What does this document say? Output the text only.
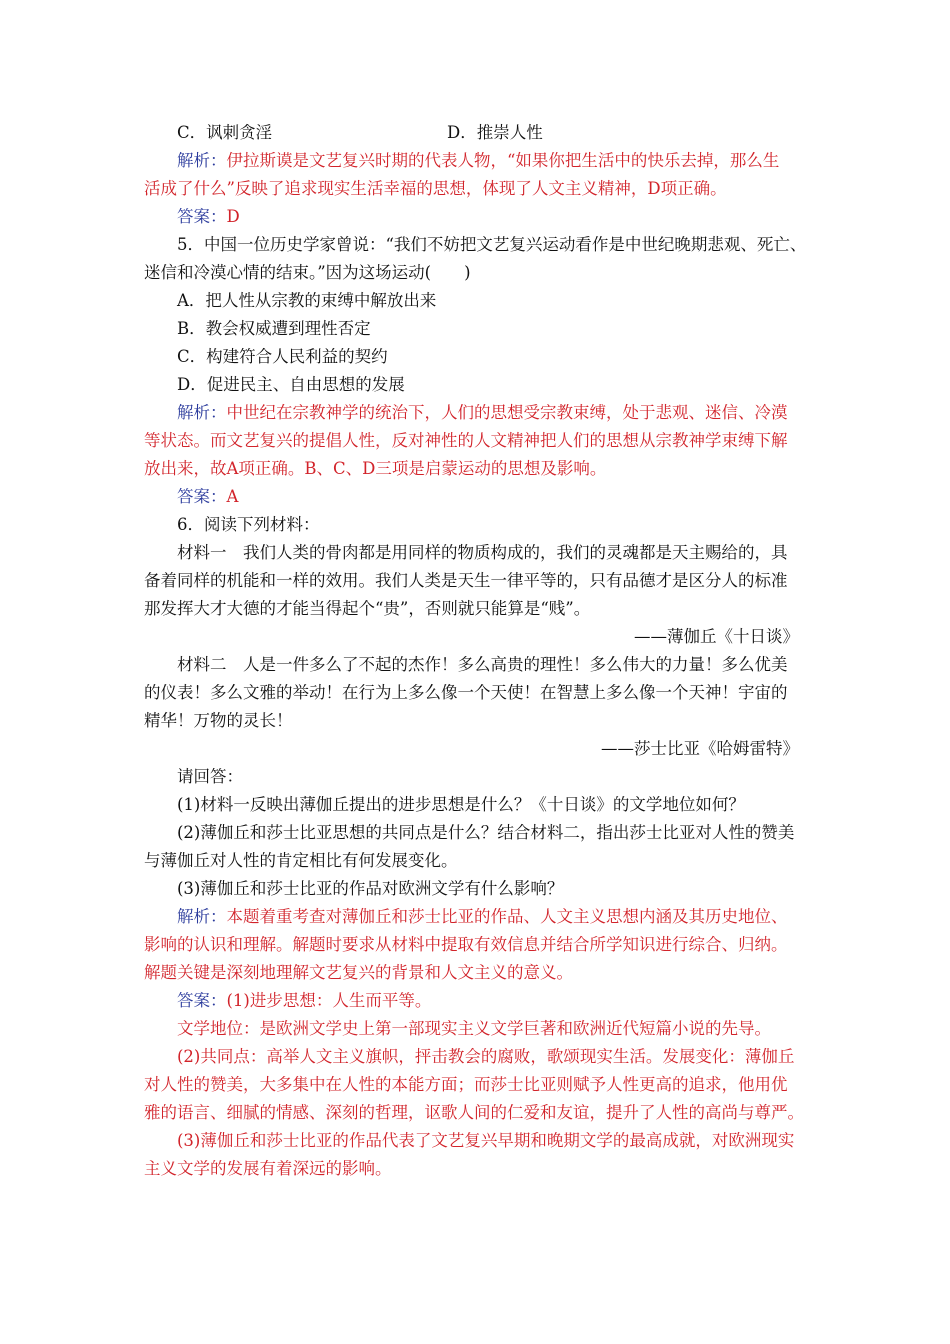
C．讽刺贪淫	D．推崇人性
解析：伊拉斯谟是文艺复兴时期的代表人物，“如果你把生活中的快乐去掉，那么生
活成了什么”反映了追求现实生活幸福的思想，体现了人文主义精神，D项正确。
答案：D
5．中国一位历史学家曾说：“我们不妨把文艺复兴运动看作是中世纪晚期悲观、死亡、
迷信和冷漠心情的结束。”因为这场运动(　　)
A．把人性从宗教的束缚中解放出来
B．教会权威遭到理性否定
C．构建符合人民利益的契约
D．促进民主、自由思想的发展
解析：中世纪在宗教神学的统治下，人们的思想受宗教束缚，处于悲观、迷信、冷漠
等状态。而文艺复兴的提倡人性，反对神性的人文精神把人们的思想从宗教神学束缚下解
放出来，故A项正确。B、C、D三项是启蒙运动的思想及影响。
答案：A
6．阅读下列材料：
材料一　我们人类的骨肉都是用同样的物质构成的，我们的灵魂都是天主赐给的，具
备着同样的机能和一样的效用。我们人类是天生一律平等的，只有品德才是区分人的标准
那发挥大才大德的才能当得起个“贵”，否则就只能算是“贱”。
——薄伽丘《十日谈》
材料二　人是一件多么了不起的杰作！多么高贵的理性！多么伟大的力量！多么优美
的仪表！多么文雅的举动！在行为上多么像一个天使！在智慧上多么像一个天神！宇宙的
精华！万物的灵长！
——莎士比亚《哈姆雷特》
请回答：
(1)材料一反映出薄伽丘提出的进步思想是什么？《十日谈》的文学地位如何？
(2)薄伽丘和莎士比亚思想的共同点是什么？结合材料二，指出莎士比亚对人性的赞美
与薄伽丘对人性的肯定相比有何发展变化。
(3)薄伽丘和莎士比亚的作品对欧洲文学有什么影响？
解析：本题着重考查对薄伽丘和莎士比亚的作品、人文主义思想内涵及其历史地位、
影响的认识和理解。解题时要求从材料中提取有效信息并结合所学知识进行综合、归纳。
解题关键是深刻地理解文艺复兴的背景和人文主义的意义。
答案：(1)进步思想：人生而平等。
文学地位：是欧洲文学史上第一部现实主义文学巨著和欧洲近代短篇小说的先导。
(2)共同点：高举人文主义旗帜，抨击教会的腐败，歌颂现实生活。发展变化：薄伽丘
对人性的赞美，大多集中在人性的本能方面；而莎士比亚则赋予人性更高的追求，他用优
雅的语言、细腻的情感、深刻的哲理，讴歌人间的仁爱和友谊，提升了人性的高尚与尊严。
(3)薄伽丘和莎士比亚的作品代表了文艺复兴早期和晚期文学的最高成就，对欧洲现实
主义文学的发展有着深远的影响。
